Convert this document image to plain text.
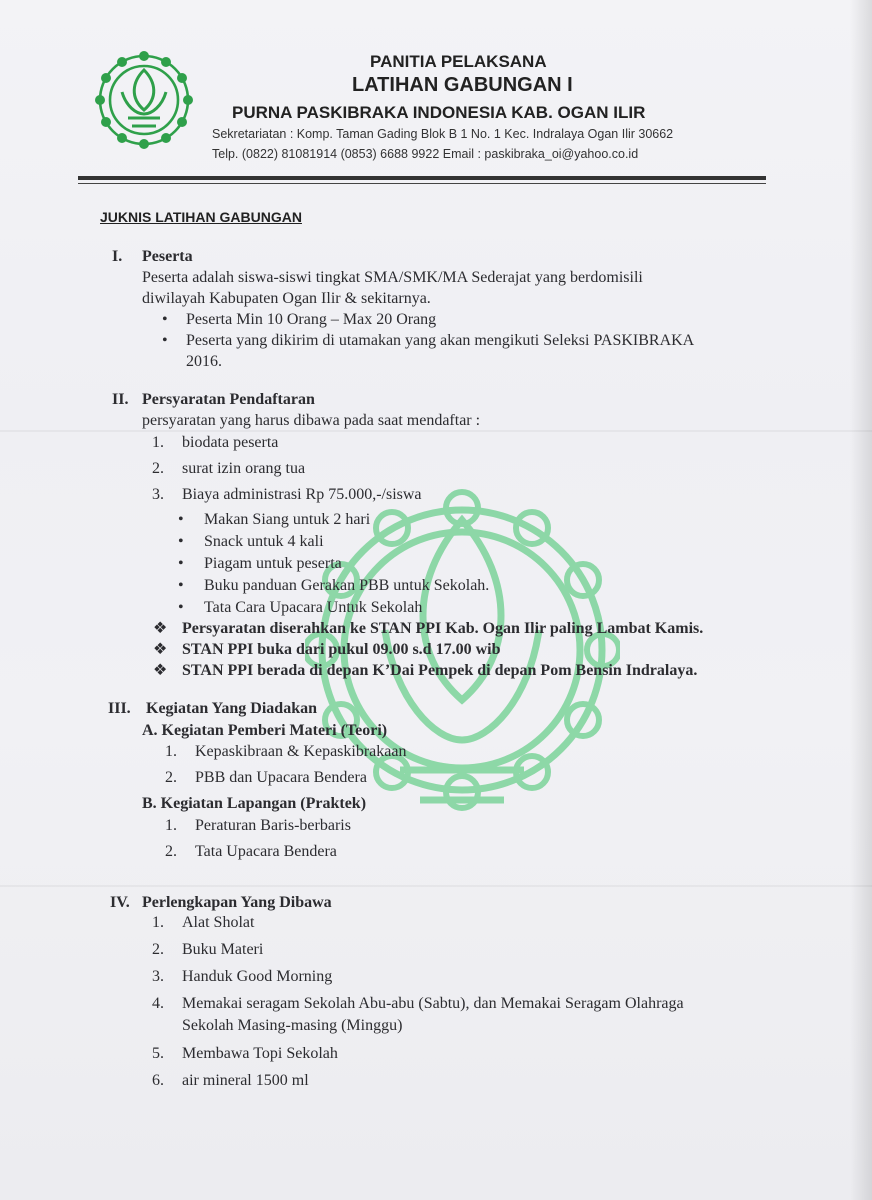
PANITIA PELAKSANA
LATIHAN GABUNGAN I
PURNA PASKIBRAKA INDONESIA KAB. OGAN ILIR
Sekretariatan : Komp. Taman Gading Blok B 1 No. 1 Kec. Indralaya Ogan Ilir 30662
Telp. (0822) 81081914 (0853) 6688 9922 Email : paskibraka_oi@yahoo.co.id
JUKNIS LATIHAN GABUNGAN
I. Peserta
Peserta adalah siswa-siswi tingkat SMA/SMK/MA Sederajat yang berdomisili
diwilayah Kabupaten Ogan Ilir & sekitarnya.
• Peserta Min 10 Orang – Max 20 Orang
• Peserta yang dikirim di utamakan yang akan mengikuti Seleksi PASKIBRAKA
2016.
II. Persyaratan Pendaftaran
persyaratan yang harus dibawa pada saat mendaftar :
1. biodata peserta
2. surat izin orang tua
3. Biaya administrasi Rp 75.000,-/siswa
• Makan Siang untuk 2 hari
• Snack untuk 4 kali
• Piagam untuk peserta
• Buku panduan Gerakan PBB untuk Sekolah.
• Tata Cara Upacara Untuk Sekolah
❖ Persyaratan diserahkan ke STAN PPI Kab. Ogan Ilir paling Lambat Kamis.
❖ STAN PPI buka dari pukul 09.00 s.d 17.00 wib
❖ STAN PPI berada di depan K’Dai Pempek di depan Pom Bensin Indralaya.
III. Kegiatan Yang Diadakan
A. Kegiatan Pemberi Materi (Teori)
1. Kepaskibraan & Kepaskibrakaan
2. PBB dan Upacara Bendera
B. Kegiatan Lapangan (Praktek)
1. Peraturan Baris-berbaris
2. Tata Upacara Bendera
IV. Perlengkapan Yang Dibawa
1. Alat Sholat
2. Buku Materi
3. Handuk Good Morning
4. Memakai seragam Sekolah Abu-abu (Sabtu), dan Memakai Seragam Olahraga
Sekolah Masing-masing (Minggu)
5. Membawa Topi Sekolah
6. air mineral 1500 ml
